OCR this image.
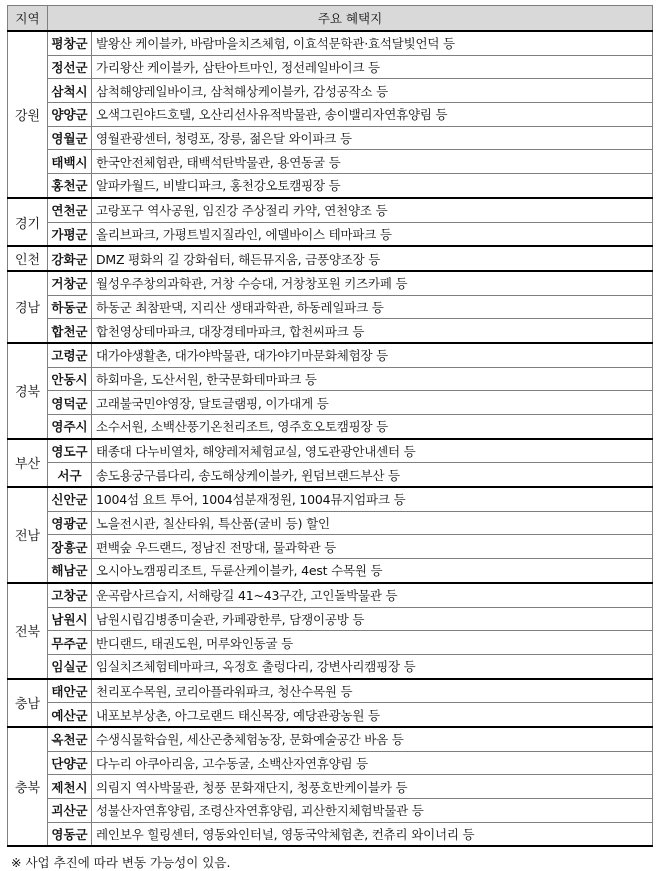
지역	주요 혜택지	
강원	평창군	발왕산 케이블카, 바람마을치즈체험, 이효석문학관·효석달빛언덕 등
	정선군	가리왕산 케이블카, 삼탄아트마인, 정선레일바이크 등
	삼척시	삼척해양레일바이크, 삼척해상케이블카, 감성공작소 등
	양양군	오색그린야드호텔, 오산리선사유적박물관, 송이밸리자연휴양림 등
	영월군	영월관광센터, 청령포, 장릉, 젊은달 와이파크 등
	태백시	한국안전체험관, 태백석탄박물관, 용연동굴 등
	홍천군	알파카월드, 비발디파크, 홍천강오토캠핑장 등
경기	연천군	고랑포구 역사공원, 임진강 주상절리 카약, 연천양조 등
	가평군	올리브파크, 가평트빌지질라인, 에델바이스 테마파크 등
인천	강화군	DMZ 평화의 길 강화쉼터, 해든뮤지움, 금풍양조장 등
경남	거창군	월성우주창의과학관, 거창 수승대, 거창창포원 키즈카페 등
	하동군	하동군 최참판댁, 지리산 생태과학관, 하동레일파크 등
	합천군	합천영상테마파크, 대장경테마파크, 합천씨파크 등
경북	고령군	대가야생활촌, 대가야박물관, 대가야기마문화체험장 등
	안동시	하회마을, 도산서원, 한국문화테마파크 등
	영덕군	고래불국민야영장, 달토글램핑, 이가대게 등
	영주시	소수서원, 소백산풍기온천리조트, 영주호오토캠핑장 등
부산	영도구	태종대 다누비열차, 해양레저체험교실, 영도관광안내센터 등
	서구	송도용궁구름다리, 송도해상케이블카, 윈덤브랜드부산 등
전남	신안군	1004섬 요트 투어, 1004섬분재정원, 1004뮤지엄파크 등
	영광군	노을전시관, 칠산타워, 특산품(굴비 등) 할인
	장흥군	편백숲 우드랜드, 정남진 전망대, 물과학관 등
	해남군	오시아노캠핑리조트, 두륜산케이블카, 4est 수목원 등
전북	고창군	운곡람사르습지, 서해랑길 41~43구간, 고인돌박물관 등
	남원시	남원시립김병종미술관, 카페광한루, 담쟁이공방 등
	무주군	반디랜드, 태권도원, 머루와인동굴 등
	임실군	임실치즈체험테마파크, 옥정호 출렁다리, 강변사리캠핑장 등
충남	태안군	천리포수목원, 코리아플라워파크, 청산수목원 등
	예산군	내포보부상촌, 아그로랜드 태신목장, 예당관광농원 등
충북	옥천군	수생식물학습원, 세산곤충체험농장, 문화예술공간 바옴 등
	단양군	다누리 아쿠아리움, 고수동굴, 소백산자연휴양림 등
	제천시	의림지 역사박물관, 청풍 문화재단지, 청풍호반케이블카 등
	괴산군	성불산자연휴양림, 조령산자연휴양림, 괴산한지체험박물관 등
	영동군	레인보우 힐링센터, 영동와인터널, 영동국악체험촌, 컨츄리 와이너리 등
※ 사업 추진에 따라 변동 가능성이 있음.
